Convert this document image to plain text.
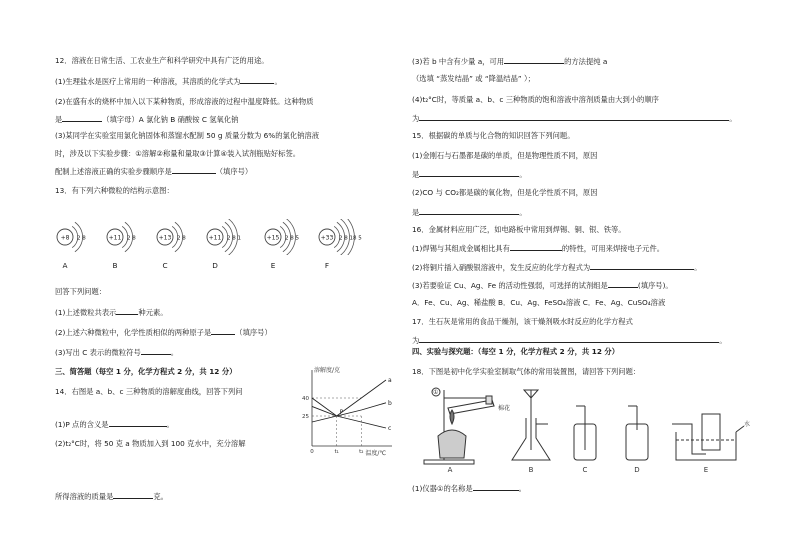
12．溶液在日常生活、工农业生产和科学研究中具有广泛的用途。
(1)生理盐水是医疗上常用的一种溶液，其溶质的化学式为	。
(2)在盛有水的烧杯中加入以下某种物质，形成溶液的过程中温度降低。这种物质
是	（填字母）A 氯化钠 B 硝酸铵 C 氢氧化钠
(3)某同学在实验室用氯化钠固体和蒸馏水配制 50 g 质量分数为 6%的氯化钠溶液
时，涉及以下实验步骤：①溶解②称量和量取③计算④装入试剂瓶贴好标签。
配制上述溶液正确的实验步骤顺序是	（填序号）
13．有下列六种微粒的结构示意图：
+8 2 8
A
+11 2 8
B
+13 2 8
C
+11 2 8 1
D
+15 2 8 5
E
+33 2 8 18 5
F
回答下列问题：
(1)上述微粒共表示	种元素。
(2)上述六种微粒中，化学性质相似的两种原子是	（填序号）
(3)写出 C 表示的微粒符号	。
三、简答题（每空 1 分，化学方程式 2 分，共 12 分）
14．右图是 a、b、c 三种物质的溶解度曲线，回答下列问
(1)P 点的含义是	。
(2)t₂°C时，将 50 克 a 物质加入到 100 克水中，充分溶解
所得溶液的质量是	克。
溶解度/克
温度/℃
25
40
0	t₁	t₂
a
b
c
P
(3)若 b 中含有少量 a，可用	的方法提纯 a
（选填 “蒸发结晶” 或 “降温结晶” ）；
(4)t₂°C时，等质量 a、b、c 三种物质的饱和溶液中溶剂质量由大到小的顺序
为	。
15．根据碳的单质与化合物的知识回答下列问题。
(1)金刚石与石墨都是碳的单质，但是物理性质不同，原因
是	。
(2)CO 与 CO₂都是碳的氧化物，但是化学性质不同，原因
是	。
16．金属材料应用广泛，如电路板中常用到焊锡、铜、银、铁等。
(1)焊锡与其组成金属相比具有	的特性，可用来焊接电子元件。
(2)将铜片插入硝酸银溶液中，发生反应的化学方程式为	。
(3)若要验证 Cu、Ag、Fe 的活动性强弱，可选择的试剂组是	(填序号)。
A．Fe、Cu、Ag、稀盐酸 B．Cu、Ag、FeSO₄溶液 C．Fe、Ag、CuSO₄溶液
17．生石灰是常用的食品干燥剂，该干燥剂吸水时反应的化学方程式
为	。
四、实验与探究题：（每空 1 分，化学方程式 2 分，共 12 分）
18．下图是初中化学实验室制取气体的常用装置图，请回答下列问题：
(1)仪器①的名称是	。
①
棉花
水
A	B	C	D	E
